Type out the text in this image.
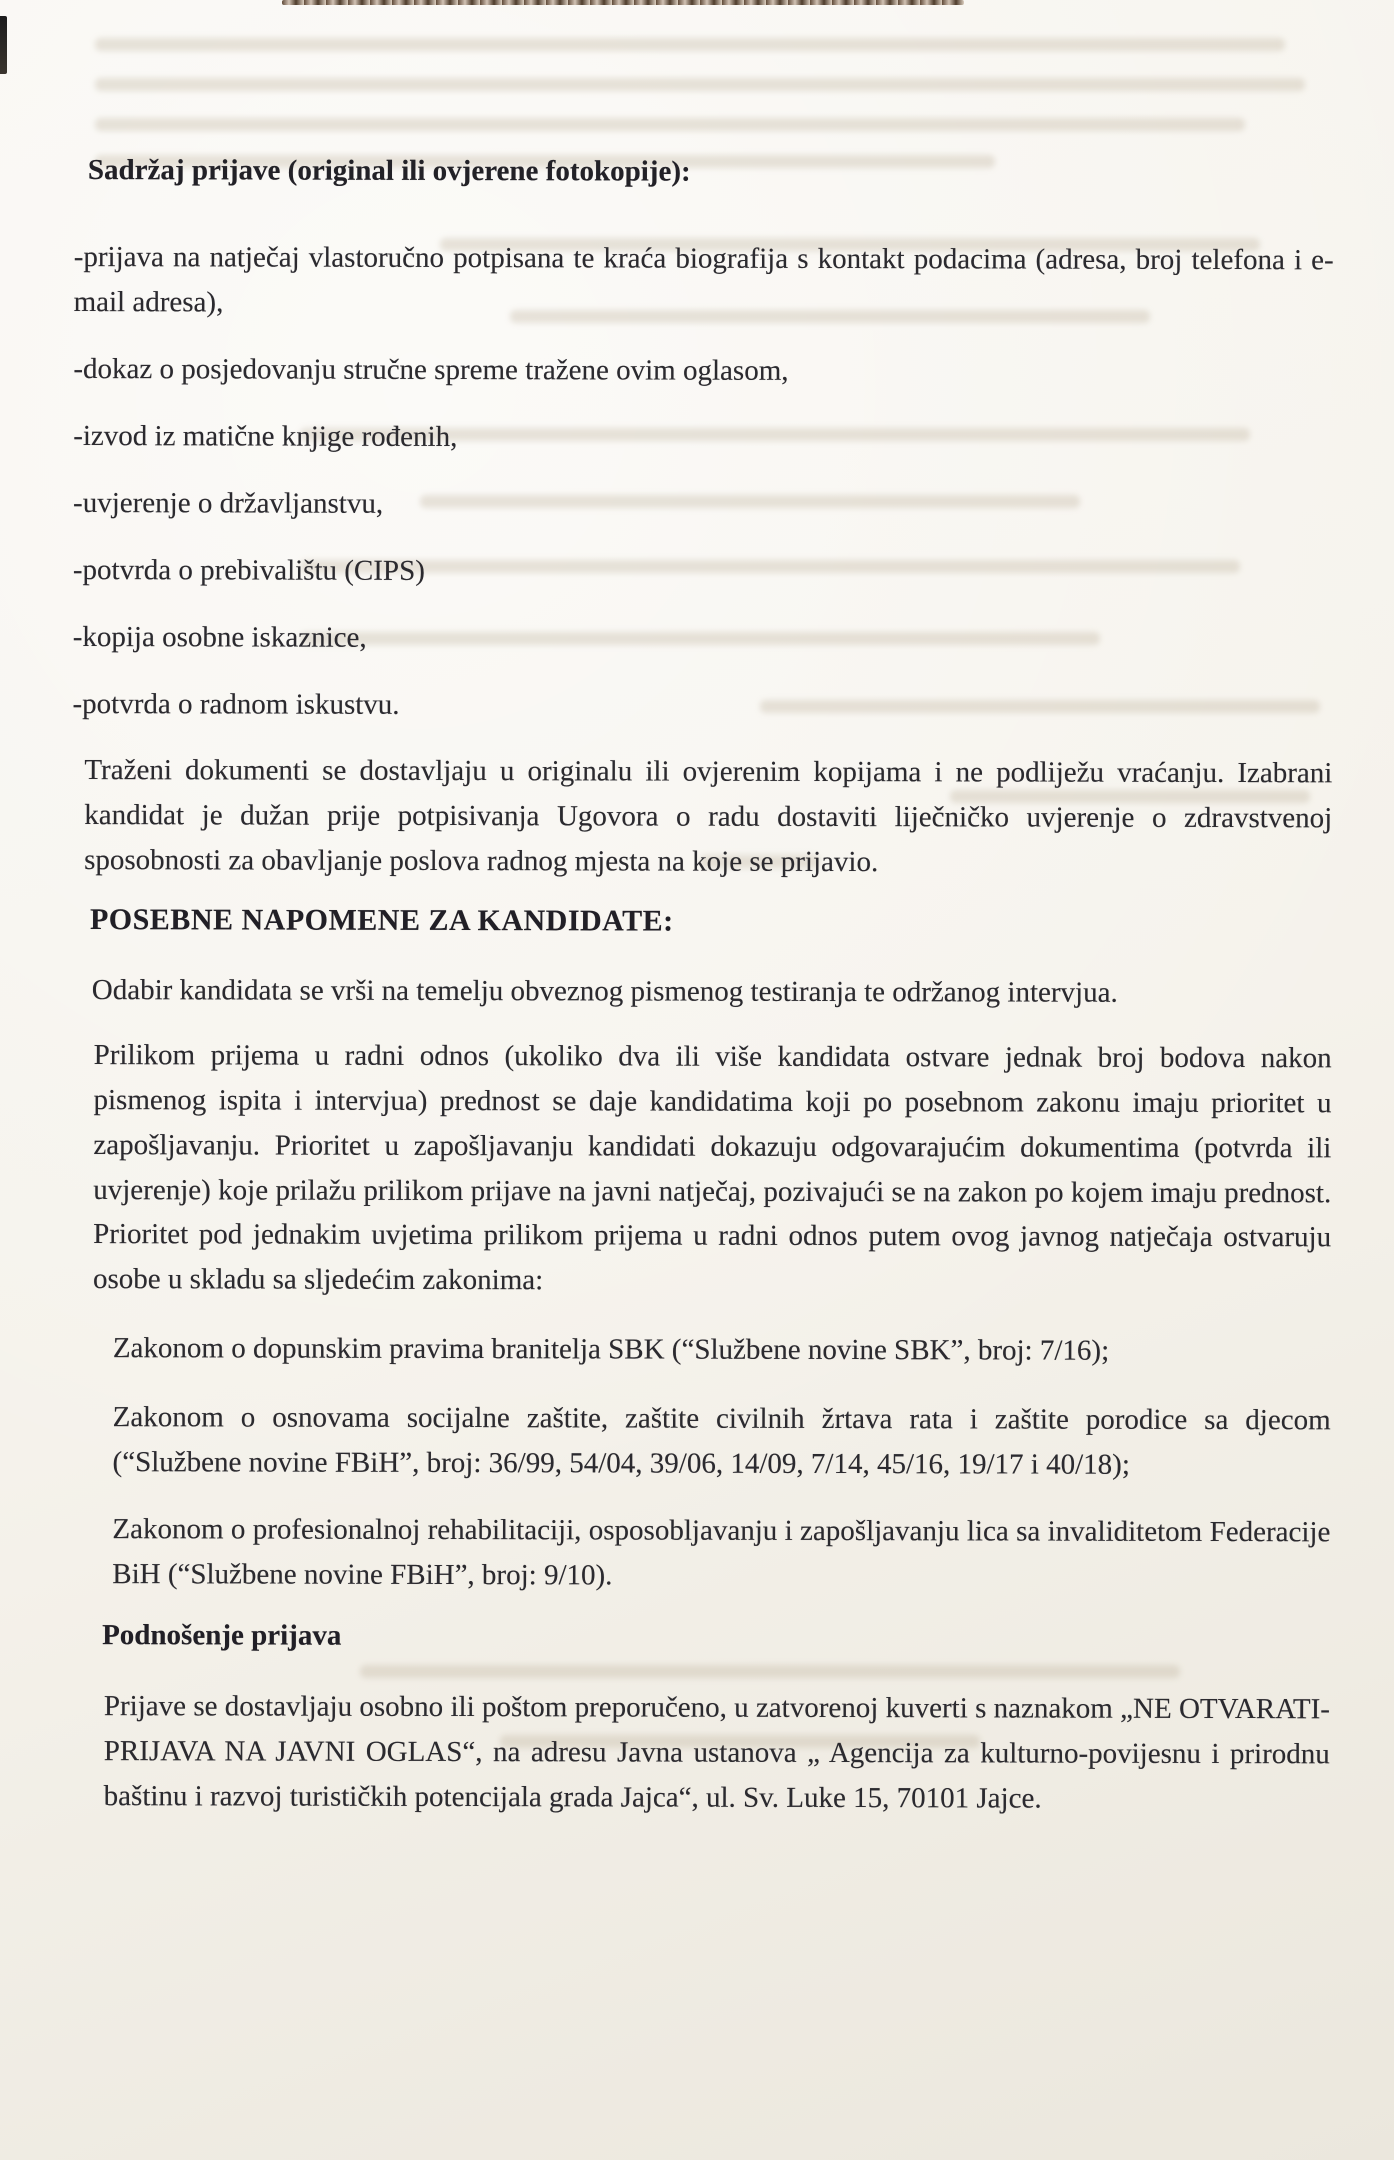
Sadržaj prijave (original ili ovjerene fotokopije):

-prijava na natječaj vlastoručno potpisana te kraća biografija s kontakt podacima (adresa, broj telefona i e-mail adresa),

-dokaz o posjedovanju stručne spreme tražene ovim oglasom,

-izvod iz matične knjige rođenih,

-uvjerenje o državljanstvu,

-potvrda o prebivalištu (CIPS)

-kopija osobne iskaznice,

-potvrda o radnom iskustvu.

Traženi dokumenti se dostavljaju u originalu ili ovjerenim kopijama i ne podliježu vraćanju. Izabrani kandidat je dužan prije potpisivanja Ugovora o radu dostaviti liječničko uvjerenje o zdravstvenoj sposobnosti za obavljanje poslova radnog mjesta na koje se prijavio.

POSEBNE NAPOMENE ZA KANDIDATE:

Odabir kandidata se vrši na temelju obveznog pismenog testiranja te održanog intervjua.

Prilikom prijema u radni odnos (ukoliko dva ili više kandidata ostvare jednak broj bodova nakon pismenog ispita i intervjua) prednost se daje kandidatima koji po posebnom zakonu imaju prioritet u zapošljavanju. Prioritet u zapošljavanju kandidati dokazuju odgovarajućim dokumentima (potvrda ili uvjerenje) koje prilažu prilikom prijave na javni natječaj, pozivajući se na zakon po kojem imaju prednost. Prioritet pod jednakim uvjetima prilikom prijema u radni odnos putem ovog javnog natječaja ostvaruju osobe u skladu sa sljedećim zakonima:

Zakonom o dopunskim pravima branitelja SBK (“Službene novine SBK”, broj: 7/16);

Zakonom o osnovama socijalne zaštite, zaštite civilnih žrtava rata i zaštite porodice sa djecom (“Službene novine FBiH”, broj: 36/99, 54/04, 39/06, 14/09, 7/14, 45/16, 19/17 i 40/18);

Zakonom o profesionalnoj rehabilitaciji, osposobljavanju i zapošljavanju lica sa invaliditetom Federacije BiH (“Službene novine FBiH”, broj: 9/10).

Podnošenje prijava

Prijave se dostavljaju osobno ili poštom preporučeno, u zatvorenoj kuverti s naznakom „NE OTVARATI-PRIJAVA NA JAVNI OGLAS“, na adresu Javna ustanova „ Agencija za kulturno-povijesnu i prirodnu baštinu i razvoj turističkih potencijala grada Jajca“, ul. Sv. Luke 15, 70101 Jajce.
